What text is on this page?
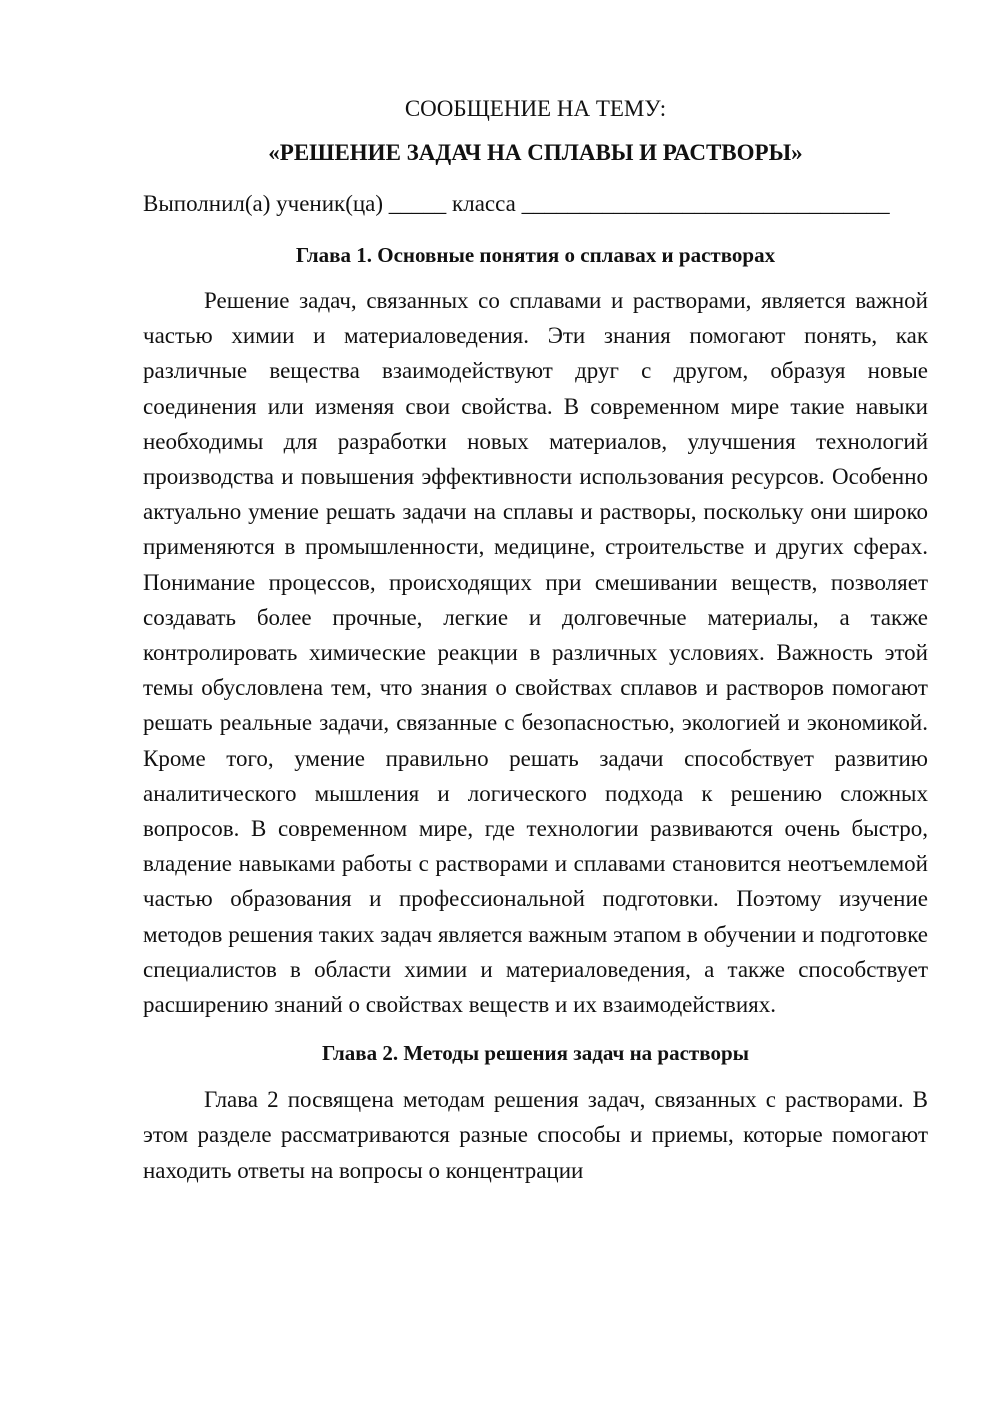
СООБЩЕНИЕ НА ТЕМУ:
«РЕШЕНИЕ ЗАДАЧ НА СПЛАВЫ И РАСТВОРЫ»
Выполнил(а) ученик(ца) _____ класса ________________________________
Глава 1. Основные понятия о сплавах и растворах

Решение задач, связанных со сплавами и растворами, является важной частью химии и материаловедения. Эти знания помогают понять, как различные вещества взаимодействуют друг с другом, образуя новые соединения или изменяя свои свойства. В современном мире такие навыки необходимы для разработки новых материалов, улучшения технологий производства и повышения эффективности использования ресурсов. Особенно актуально умение решать задачи на сплавы и растворы, поскольку они широко применяются в промышленности, медицине, строительстве и других сферах. Понимание процессов, происходящих при смешивании веществ, позволяет создавать более прочные, легкие и долговечные материалы, а также контролировать химические реакции в различных условиях. Важность этой темы обусловлена тем, что знания о свойствах сплавов и растворов помогают решать реальные задачи, связанные с безопасностью, экологией и экономикой. Кроме того, умение правильно решать задачи способствует развитию аналитического мышления и логического подхода к решению сложных вопросов. В современном мире, где технологии развиваются очень быстро, владение навыками работы с растворами и сплавами становится неотъемлемой частью образования и профессиональной подготовки. Поэтому изучение методов решения таких задач является важным этапом в обучении и подготовке специалистов в области химии и материаловедения, а также способствует расширению знаний о свойствах веществ и их взаимодействиях.

Глава 2. Методы решения задач на растворы

Глава 2 посвящена методам решения задач, связанных с растворами. В этом разделе рассматриваются разные способы и приемы, которые помогают находить ответы на вопросы о концентрации
